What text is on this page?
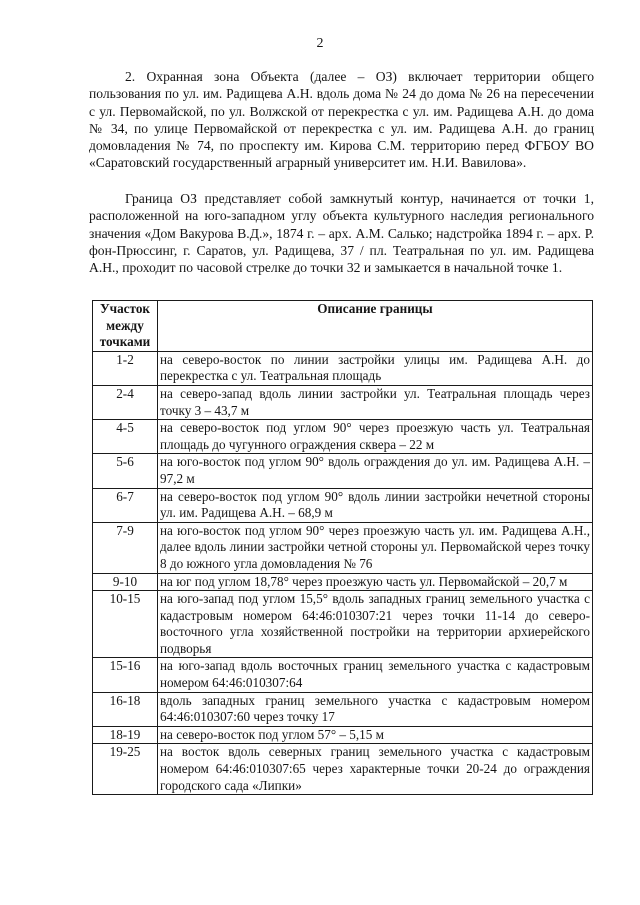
2

2. Охранная зона Объекта (далее – ОЗ) включает территории общего пользования по ул. им. Радищева А.Н. вдоль дома № 24 до дома № 26 на пересечении с ул. Первомайской, по ул. Волжской от перекрестка с ул. им. Радищева А.Н. до дома № 34, по улице Первомайской от перекрестка с ул. им. Радищева А.Н. до границ домовладения № 74, по проспекту им. Кирова С.М. территорию перед ФГБОУ ВО «Саратовский государственный аграрный университет им. Н.И. Вавилова».

Граница ОЗ представляет собой замкнутый контур, начинается от точки 1, расположенной на юго-западном углу объекта культурного наследия регионального значения «Дом Вакурова В.Д.», 1874 г. – арх. А.М. Салько; надстройка 1894 г. – арх. Р. фон-Прюссинг, г. Саратов, ул. Радищева, 37 / пл. Театральная по ул. им. Радищева А.Н., проходит по часовой стрелке до точки 32 и замыкается в начальной точке 1.

Участок между точками	Описание границы
1-2	на северо-восток по линии застройки улицы им. Радищева А.Н. до перекрестка с ул. Театральная площадь
2-4	на северо-запад вдоль линии застройки ул. Театральная площадь через точку 3 – 43,7 м
4-5	на северо-восток под углом 90° через проезжую часть ул. Театральная площадь до чугунного ограждения сквера – 22 м
5-6	на юго-восток под углом 90° вдоль ограждения до ул. им. Радищева А.Н. – 97,2 м
6-7	на северо-восток под углом 90° вдоль линии застройки нечетной стороны ул. им. Радищева А.Н. – 68,9 м
7-9	на юго-восток под углом 90° через проезжую часть ул. им. Радищева А.Н., далее вдоль линии застройки четной стороны ул. Первомайской через точку 8 до южного угла домовладения № 76
9-10	на юг под углом 18,78° через проезжую часть ул. Первомайской – 20,7 м
10-15	на юго-запад под углом 15,5° вдоль западных границ земельного участка с кадастровым номером 64:46:010307:21 через точки 11-14 до северо-восточного угла хозяйственной постройки на территории архиерейского подворья
15-16	на юго-запад вдоль восточных границ земельного участка с кадастровым номером 64:46:010307:64
16-18	вдоль западных границ земельного участка с кадастровым номером 64:46:010307:60 через точку 17
18-19	на северо-восток под углом 57° – 5,15 м
19-25	на восток вдоль северных границ земельного участка с кадастровым номером 64:46:010307:65 через характерные точки 20-24 до ограждения городского сада «Липки»
